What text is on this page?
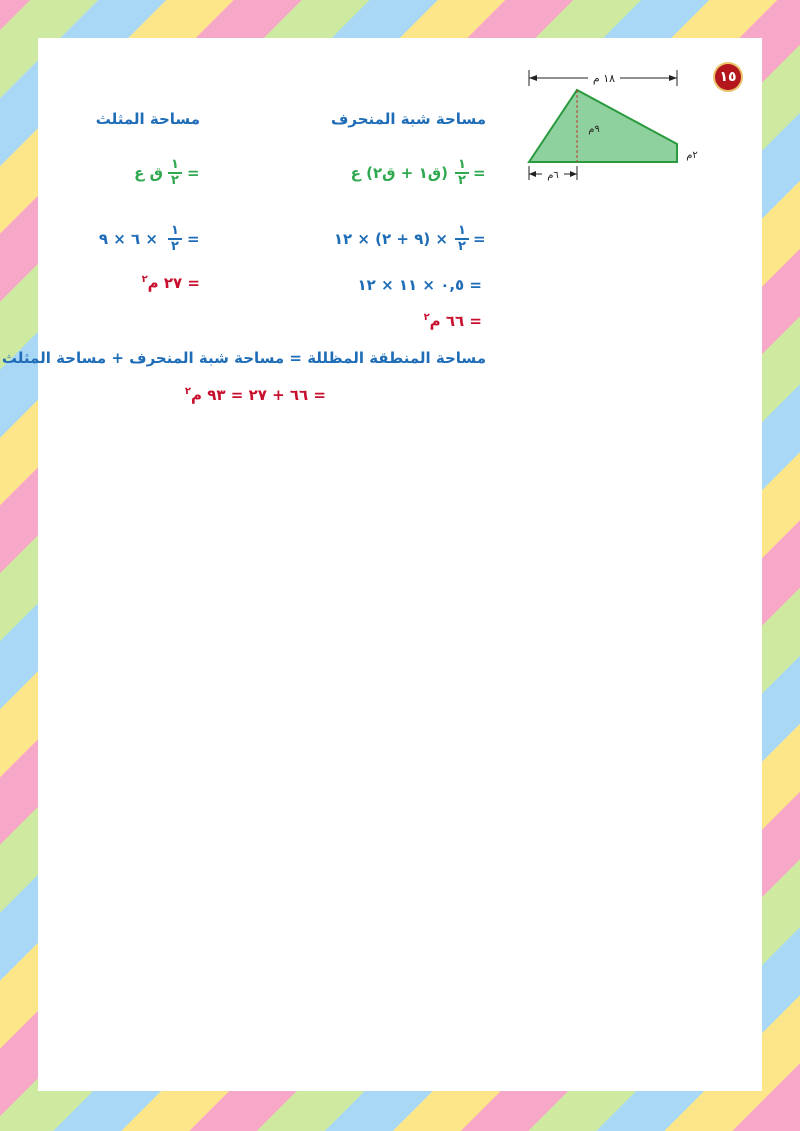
١٥
١٨ م
٩م
٢م
٦م
مساحة شبة المنحرف
=
١
٢
(ق١ + ق٢) ع
=
١
٢
× (٩ + ٢) × ١٢
= ٠,٥ × ١١ × ١٢
= ٦٦ م$^٢$
مساحة المثلث
=
١
٢
ق ع
=
١
٢
× ٦ × ٩
= ٢٧ م$^٢$
مساحة المنطقة المظللة = مساحة شبة المنحرف + مساحة المثلث
= ٦٦ + ٢٧ = ٩٣ م$^٢$
